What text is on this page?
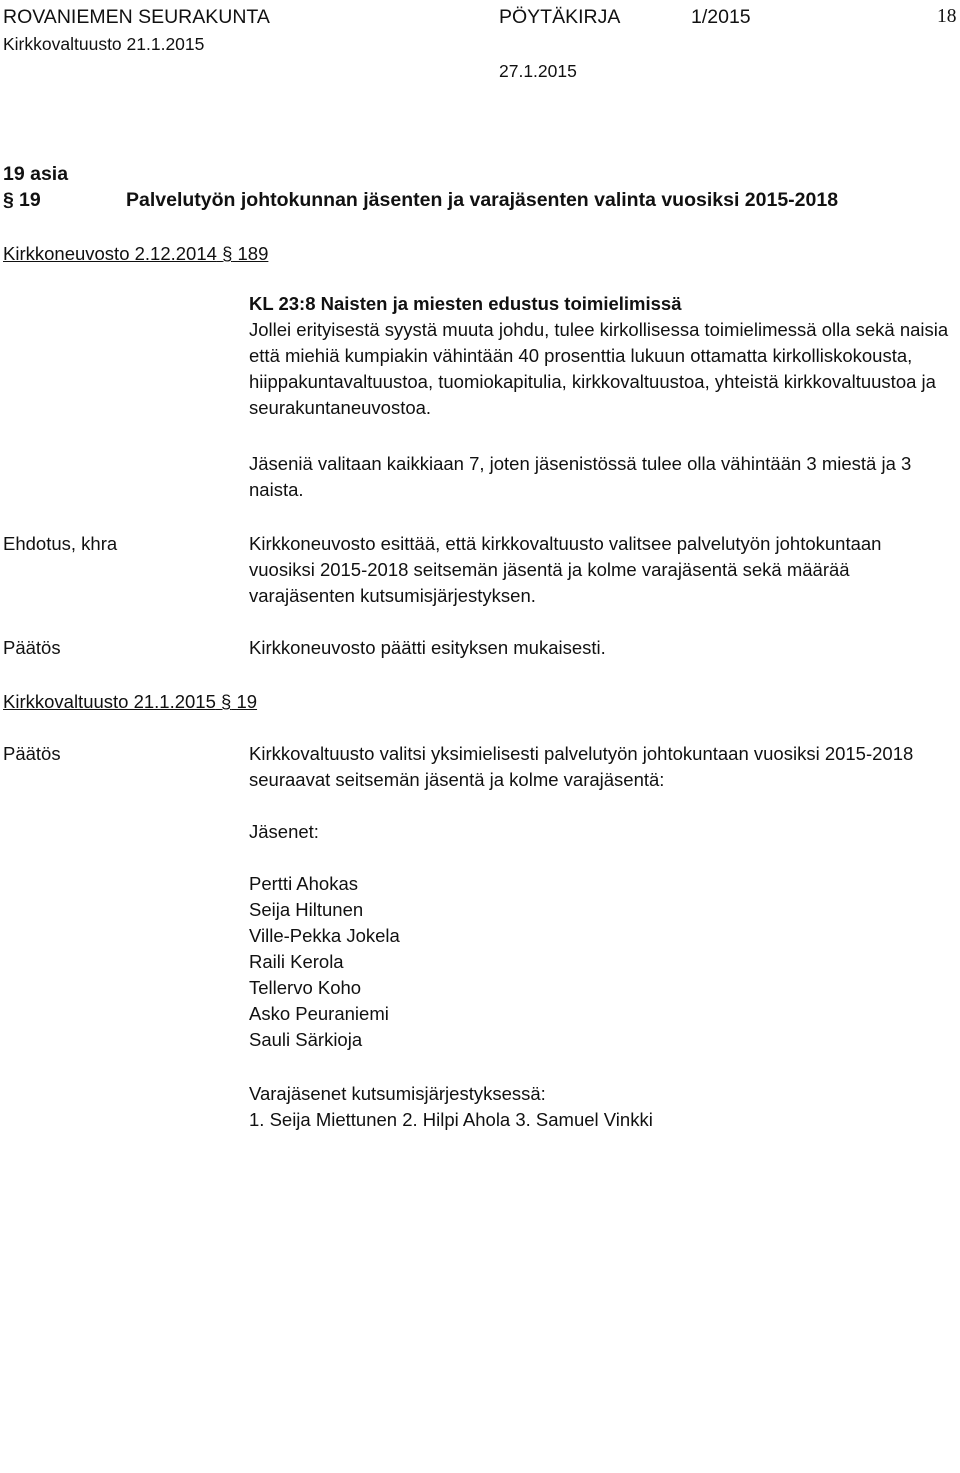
ROVANIEMEN SEURAKUNTA	PÖYTÄKIRJA	1/2015	18
Kirkkovaltuusto 21.1.2015
27.1.2015
19 asia
§ 19	Palvelutyön johtokunnan jäsenten ja varajäsenten valinta vuosiksi 2015-2018
Kirkkoneuvosto 2.12.2014 § 189
KL 23:8 Naisten ja miesten edustus toimielimissä
Jollei erityisestä syystä muuta johdu, tulee kirkollisessa toimielimessä olla sekä naisia
että miehiä kumpiakin vähintään 40 prosenttia lukuun ottamatta kirkolliskokousta,
hiippakuntavaltuustoa, tuomiokapitulia, kirkkovaltuustoa, yhteistä kirkkovaltuustoa ja
seurakuntaneuvostoa.
Jäseniä valitaan kaikkiaan 7, joten jäsenistössä tulee olla vähintään 3 miestä ja 3
naista.
Ehdotus, khra	Kirkkoneuvosto esittää, että kirkkovaltuusto valitsee palvelutyön johtokuntaan
vuosiksi 2015-2018 seitsemän jäsentä ja kolme varajäsentä sekä määrää
varajäsenten kutsumisjärjestyksen.
Päätös	Kirkkoneuvosto päätti esityksen mukaisesti.
Kirkkovaltuusto 21.1.2015 § 19
Päätös	Kirkkovaltuusto valitsi yksimielisesti palvelutyön johtokuntaan vuosiksi 2015-2018
seuraavat seitsemän jäsentä ja kolme varajäsentä:
Jäsenet:
Pertti Ahokas
Seija Hiltunen
Ville-Pekka Jokela
Raili Kerola
Tellervo Koho
Asko Peuraniemi
Sauli Särkioja
Varajäsenet kutsumisjärjestyksessä:
1. Seija Miettunen 2. Hilpi Ahola 3. Samuel Vinkki
